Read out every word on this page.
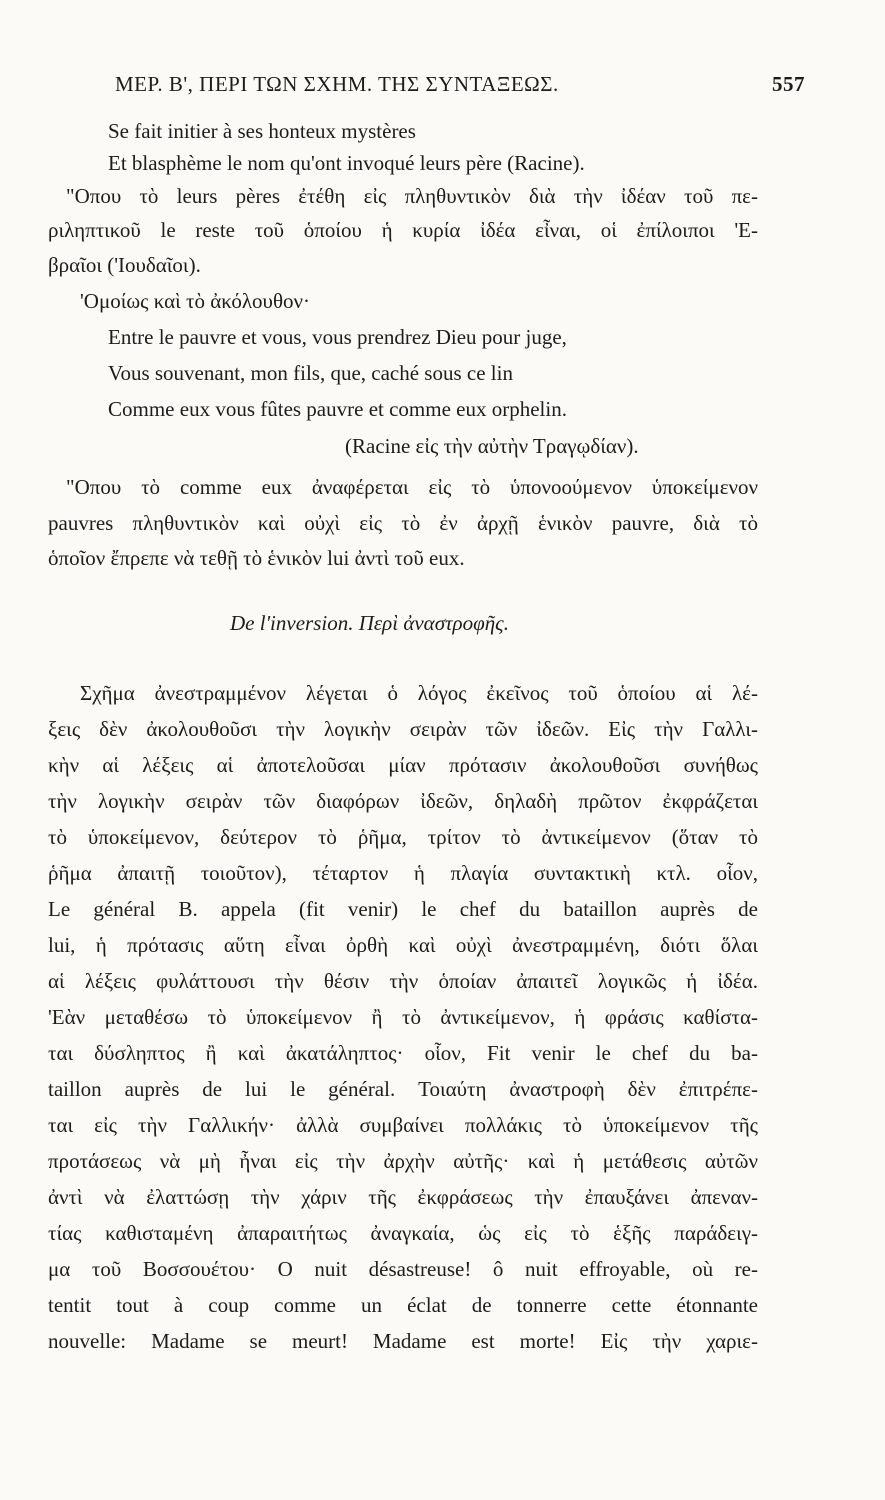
ΜΕΡ. Β', ΠΕΡΙ ΤΩΝ ΣΧΗΜ. ΤΗΣ ΣΥΝΤΑΞΕΩΣ.	557
Se fait initier à ses honteux mystères
Et blasphème le nom qu'ont invoqué leurs père (Racine).
"Οπου τὸ leurs pères ἐτέθη εἰς πληθυντικὸν διὰ τὴν ἰδέαν τοῦ πε-
ριληπτικοῦ le reste τοῦ ὁποίου ἡ κυρία ἰδέα εἶναι, οἱ ἐπίλοιποι 'Ε-
βραῖοι ('Ιουδαῖοι).
'Ομοίως καὶ τὸ ἀκόλουθον·
Entre le pauvre et vous, vous prendrez Dieu pour juge,
Vous souvenant, mon fils, que, caché sous ce lin
Comme eux vous fûtes pauvre et comme eux orphelin.
(Racine εἰς τὴν αὐτὴν Τραγῳδίαν).
"Οπου τὸ comme eux ἀναφέρεται εἰς τὸ ὑπονοούμενον ὑποκείμενον
pauvres πληθυντικὸν καὶ οὐχὶ εἰς τὸ ἐν ἀρχῇ ἑνικὸν pauvre, διὰ τὸ
ὁποῖον ἔπρεπε νὰ τεθῇ τὸ ἑνικὸν lui ἀντὶ τοῦ eux.
De l'inversion. Περὶ ἀναστροφῆς.
Σχῆμα ἀνεστραμμένον λέγεται ὁ λόγος ἐκεῖνος τοῦ ὁποίου αἱ λέ-
ξεις δὲν ἀκολουθοῦσι τὴν λογικὴν σειρὰν τῶν ἰδεῶν. Εἰς τὴν Γαλλι-
κὴν αἱ λέξεις αἱ ἀποτελοῦσαι μίαν πρότασιν ἀκολουθοῦσι συνήθως
τὴν λογικὴν σειρὰν τῶν διαφόρων ἰδεῶν, δηλαδὴ πρῶτον ἐκφράζεται
τὸ ὑποκείμενον, δεύτερον τὸ ῥῆμα, τρίτον τὸ ἀντικείμενον (ὅταν τὸ
ῥῆμα ἀπαιτῇ τοιοῦτον), τέταρτον ἡ πλαγία συντακτικὴ κτλ. οἷον,
Le général B. appela (fit venir) le chef du bataillon auprès de
lui, ἡ πρότασις αὕτη εἶναι ὀρθὴ καὶ οὐχὶ ἀνεστραμμένη, διότι ὅλαι
αἱ λέξεις φυλάττουσι τὴν θέσιν τὴν ὁποίαν ἀπαιτεῖ λογικῶς ἡ ἰδέα.
'Εὰν μεταθέσω τὸ ὑποκείμενον ἢ τὸ ἀντικείμενον, ἡ φράσις καθίστα-
ται δύσληπτος ἢ καὶ ἀκατάληπτος· οἷον, Fit venir le chef du ba-
taillon auprès de lui le général. Τοιαύτη ἀναστροφὴ δὲν ἐπιτρέπε-
ται εἰς τὴν Γαλλικήν· ἀλλὰ συμβαίνει πολλάκις τὸ ὑποκείμενον τῆς
προτάσεως νὰ μὴ ἦναι εἰς τὴν ἀρχὴν αὐτῆς· καὶ ἡ μετάθεσις αὐτῶν
ἀντὶ νὰ ἐλαττώσῃ τὴν χάριν τῆς ἐκφράσεως τὴν ἐπαυξάνει ἀπεναν-
τίας καθισταμένη ἀπαραιτήτως ἀναγκαία, ὡς εἰς τὸ ἑξῆς παράδειγ-
μα τοῦ Βοσσουέτου· O nuit désastreuse! ô nuit effroyable, où re-
tentit tout à coup comme un éclat de tonnerre cette étonnante
nouvelle: Madame se meurt! Madame est morte! Εἰς τὴν χαριε-
